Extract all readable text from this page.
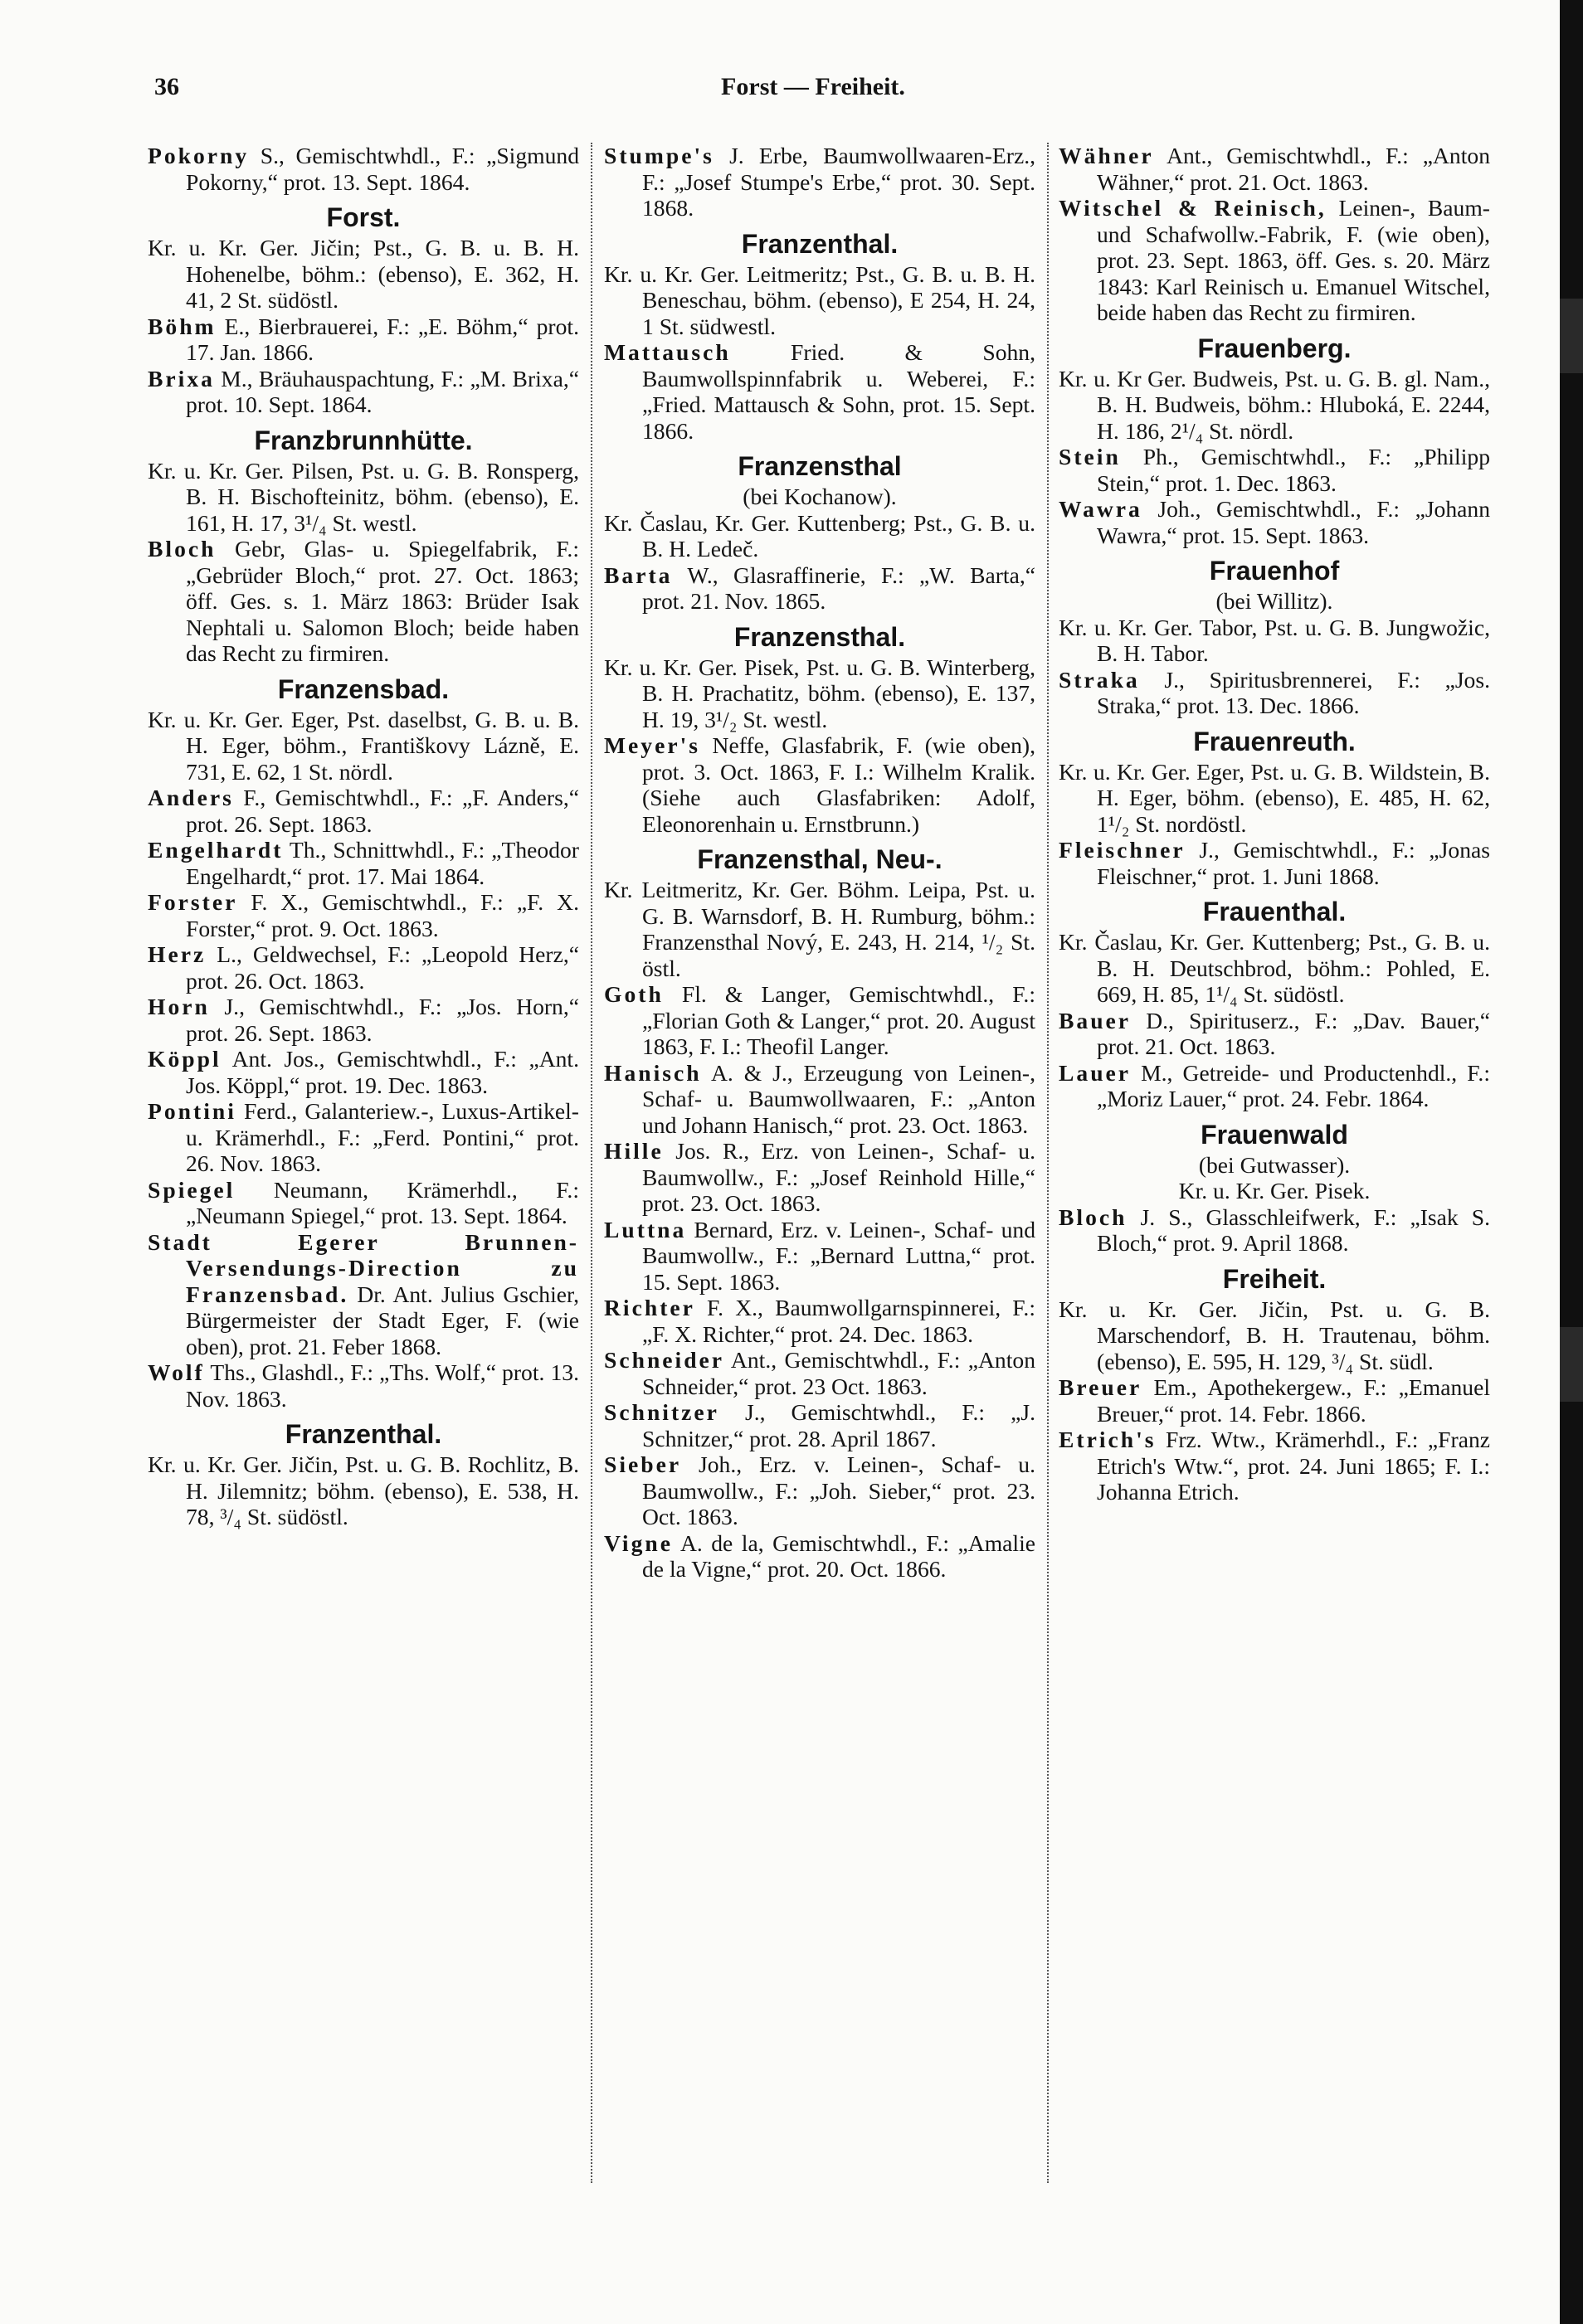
36	Forst — Freiheit.

Pokorny S., Gemischtwhdl., F.: „Sigmund Pokorny,“ prot. 13. Sept. 1864.

Forst.

Kr. u. Kr. Ger. Jičin; Pst., G. B. u. B. H. Hohenelbe, böhm.: (ebenso), E. 362, H. 41, 2 St. südöstl.

Böhm E., Bierbrauerei, F.: „E. Böhm,“ prot. 17. Jan. 1866.

Brixa M., Bräuhauspachtung, F.: „M. Brixa,“ prot. 10. Sept. 1864.

Franzbrunnhütte.

Kr. u. Kr. Ger. Pilsen, Pst. u. G. B. Ronsperg, B. H. Bischofteinitz, böhm. (ebenso), E. 161, H. 17, 3¹/₄ St. westl.

Bloch Gebr, Glas- u. Spiegelfabrik, F.: „Gebrüder Bloch,“ prot. 27. Oct. 1863; öff. Ges. s. 1. März 1863: Brüder Isak Nephtali u. Salomon Bloch; beide haben das Recht zu firmiren.

Franzensbad.

Kr. u. Kr. Ger. Eger, Pst. daselbst, G. B. u. B. H. Eger, böhm., Františkovy Lázně, E. 731, E. 62, 1 St. nördl.

Anders F., Gemischtwhdl., F.: „F. Anders,“ prot. 26. Sept. 1863.

Engelhardt Th., Schnittwhdl., F.: „Theodor Engelhardt,“ prot. 17. Mai 1864.

Forster F. X., Gemischtwhdl., F.: „F. X. Forster,“ prot. 9. Oct. 1863.

Herz L., Geldwechsel, F.: „Leopold Herz,“ prot. 26. Oct. 1863.

Horn J., Gemischtwhdl., F.: „Jos. Horn,“ prot. 26. Sept. 1863.

Köppl Ant. Jos., Gemischtwhdl., F.: „Ant. Jos. Köppl,“ prot. 19. Dec. 1863.

Pontini Ferd., Galanteriew.-, Luxus-Artikel- u. Krämerhdl., F.: „Ferd. Pontini,“ prot. 26. Nov. 1863.

Spiegel Neumann, Krämerhdl., F.: „Neumann Spiegel,“ prot. 13. Sept. 1864.

Stadt Egerer Brunnen-Versendungs-Direction zu Franzensbad. Dr. Ant. Julius Gschier, Bürgermeister der Stadt Eger, F. (wie oben), prot. 21. Feber 1868.

Wolf Ths., Glashdl., F.: „Ths. Wolf,“ prot. 13. Nov. 1863.

Franzenthal.

Kr. u. Kr. Ger. Jičin, Pst. u. G. B. Rochlitz, B. H. Jilemnitz; böhm. (ebenso), E. 538, H. 78, ³/₄ St. südöstl.

Stumpe's J. Erbe, Baumwollwaaren-Erz., F.: „Josef Stumpe's Erbe,“ prot. 30. Sept. 1868.

Franzenthal.

Kr. u. Kr. Ger. Leitmeritz; Pst., G. B. u. B. H. Beneschau, böhm. (ebenso), E 254, H. 24, 1 St. südwestl.

Mattausch Fried. & Sohn, Baumwollspinnfabrik u. Weberei, F.: „Fried. Mattausch & Sohn, prot. 15. Sept. 1866.

Franzensthal
(bei Kochanow).

Kr. Časlau, Kr. Ger. Kuttenberg; Pst., G. B. u. B. H. Ledeč.

Barta W., Glasraffinerie, F.: „W. Barta,“ prot. 21. Nov. 1865.

Franzensthal.

Kr. u. Kr. Ger. Pisek, Pst. u. G. B. Winterberg, B. H. Prachatitz, böhm. (ebenso), E. 137, H. 19, 3¹/₂ St. westl.

Meyer's Neffe, Glasfabrik, F. (wie oben), prot. 3. Oct. 1863, F. I.: Wilhelm Kralik. (Siehe auch Glasfabriken: Adolf, Eleonorenhain u. Ernstbrunn.)

Franzensthal, Neu-.

Kr. Leitmeritz, Kr. Ger. Böhm. Leipa, Pst. u. G. B. Warnsdorf, B. H. Rumburg, böhm.: Franzensthal Nový, E. 243, H. 214, ¹/₂ St. östl.

Goth Fl. & Langer, Gemischtwhdl., F.: „Florian Goth & Langer,“ prot. 20. August 1863, F. I.: Theofil Langer.

Hanisch A. & J., Erzeugung von Leinen-, Schaf- u. Baumwollwaaren, F.: „Anton und Johann Hanisch,“ prot. 23. Oct. 1863.

Hille Jos. R., Erz. von Leinen-, Schaf- u. Baumwollw., F.: „Josef Reinhold Hille,“ prot. 23. Oct. 1863.

Luttna Bernard, Erz. v. Leinen-, Schaf- und Baumwollw., F.: „Bernard Luttna,“ prot. 15. Sept. 1863.

Richter F. X., Baumwollgarnspinnerei, F.: „F. X. Richter,“ prot. 24. Dec. 1863.

Schneider Ant., Gemischtwhdl., F.: „Anton Schneider,“ prot. 23 Oct. 1863.

Schnitzer J., Gemischtwhdl., F.: „J. Schnitzer,“ prot. 28. April 1867.

Sieber Joh., Erz. v. Leinen-, Schaf- u. Baumwollw., F.: „Joh. Sieber,“ prot. 23. Oct. 1863.

Vigne A. de la, Gemischtwhdl., F.: „Amalie de la Vigne,“ prot. 20. Oct. 1866.

Wähner Ant., Gemischtwhdl., F.: „Anton Wähner,“ prot. 21. Oct. 1863.

Witschel & Reinisch, Leinen-, Baum- und Schafwollw.-Fabrik, F. (wie oben), prot. 23. Sept. 1863, öff. Ges. s. 20. März 1843: Karl Reinisch u. Emanuel Witschel, beide haben das Recht zu firmiren.

Frauenberg.

Kr. u. Kr Ger. Budweis, Pst. u. G. B. gl. Nam., B. H. Budweis, böhm.: Hluboká, E. 2244, H. 186, 2¹/₄ St. nördl.

Stein Ph., Gemischtwhdl., F.: „Philipp Stein,“ prot. 1. Dec. 1863.

Wawra Joh., Gemischtwhdl., F.: „Johann Wawra,“ prot. 15. Sept. 1863.

Frauenhof
(bei Willitz).

Kr. u. Kr. Ger. Tabor, Pst. u. G. B. Jungwožic, B. H. Tabor.

Straka J., Spiritusbrennerei, F.: „Jos. Straka,“ prot. 13. Dec. 1866.

Frauenreuth.

Kr. u. Kr. Ger. Eger, Pst. u. G. B. Wildstein, B. H. Eger, böhm. (ebenso), E. 485, H. 62, 1¹/₂ St. nordöstl.

Fleischner J., Gemischtwhdl., F.: „Jonas Fleischner,“ prot. 1. Juni 1868.

Frauenthal.

Kr. Časlau, Kr. Ger. Kuttenberg; Pst., G. B. u. B. H. Deutschbrod, böhm.: Pohled, E. 669, H. 85, 1¹/₄ St. südöstl.

Bauer D., Spirituserz., F.: „Dav. Bauer,“ prot. 21. Oct. 1863.

Lauer M., Getreide- und Productenhdl., F.: „Moriz Lauer,“ prot. 24. Febr. 1864.

Frauenwald
(bei Gutwasser).
Kr. u. Kr. Ger. Pisek.

Bloch J. S., Glasschleifwerk, F.: „Isak S. Bloch,“ prot. 9. April 1868.

Freiheit.

Kr. u. Kr. Ger. Jičin, Pst. u. G. B. Marschendorf, B. H. Trautenau, böhm. (ebenso), E. 595, H. 129, ³/₄ St. südl.

Breuer Em., Apothekergew., F.: „Emanuel Breuer,“ prot. 14. Febr. 1866.

Etrich's Frz. Wtw., Krämerhdl., F.: „Franz Etrich's Wtw.“, prot. 24. Juni 1865; F. I.: Johanna Etrich.
